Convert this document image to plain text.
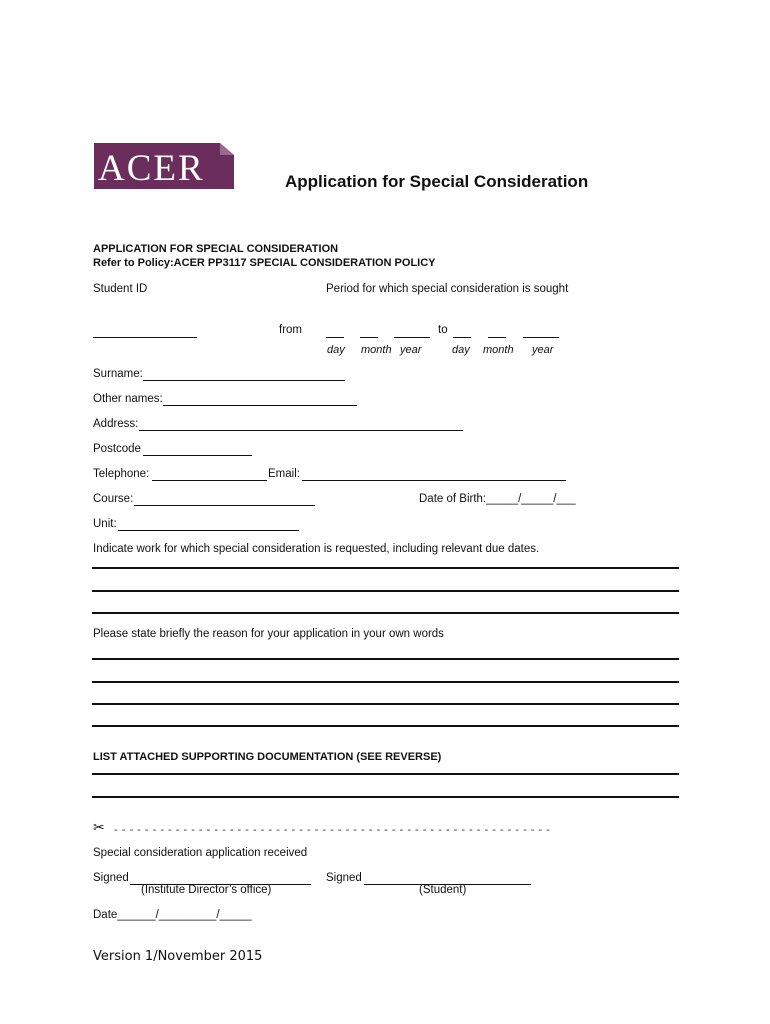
ACER	Application for Special Consideration
APPLICATION FOR SPECIAL CONSIDERATION
Refer to Policy:ACER PP3117 SPECIAL CONSIDERATION POLICY
Student ID	Period for which special consideration is sought
from	to
day month year	day month year
Surname:
Other names:
Address:
Postcode
Telephone:	Email:
Course:	Date of Birth:_____/_____/___
Unit:
Indicate work for which special consideration is requested, including relevant due dates.
Please state briefly the reason for your application in your own words
LIST ATTACHED SUPPORTING DOCUMENTATION (SEE REVERSE)
✂ - - - - - - - - - - - - - - - - - - - - - - - - - - - - - - - - - - - - - - - - - - - - - - - - - - - - - - - - -
Special consideration application received
Signed
(Institute Director’s office)
Signed
(Student)
Date______/_________/_____
Version 1/November 2015
